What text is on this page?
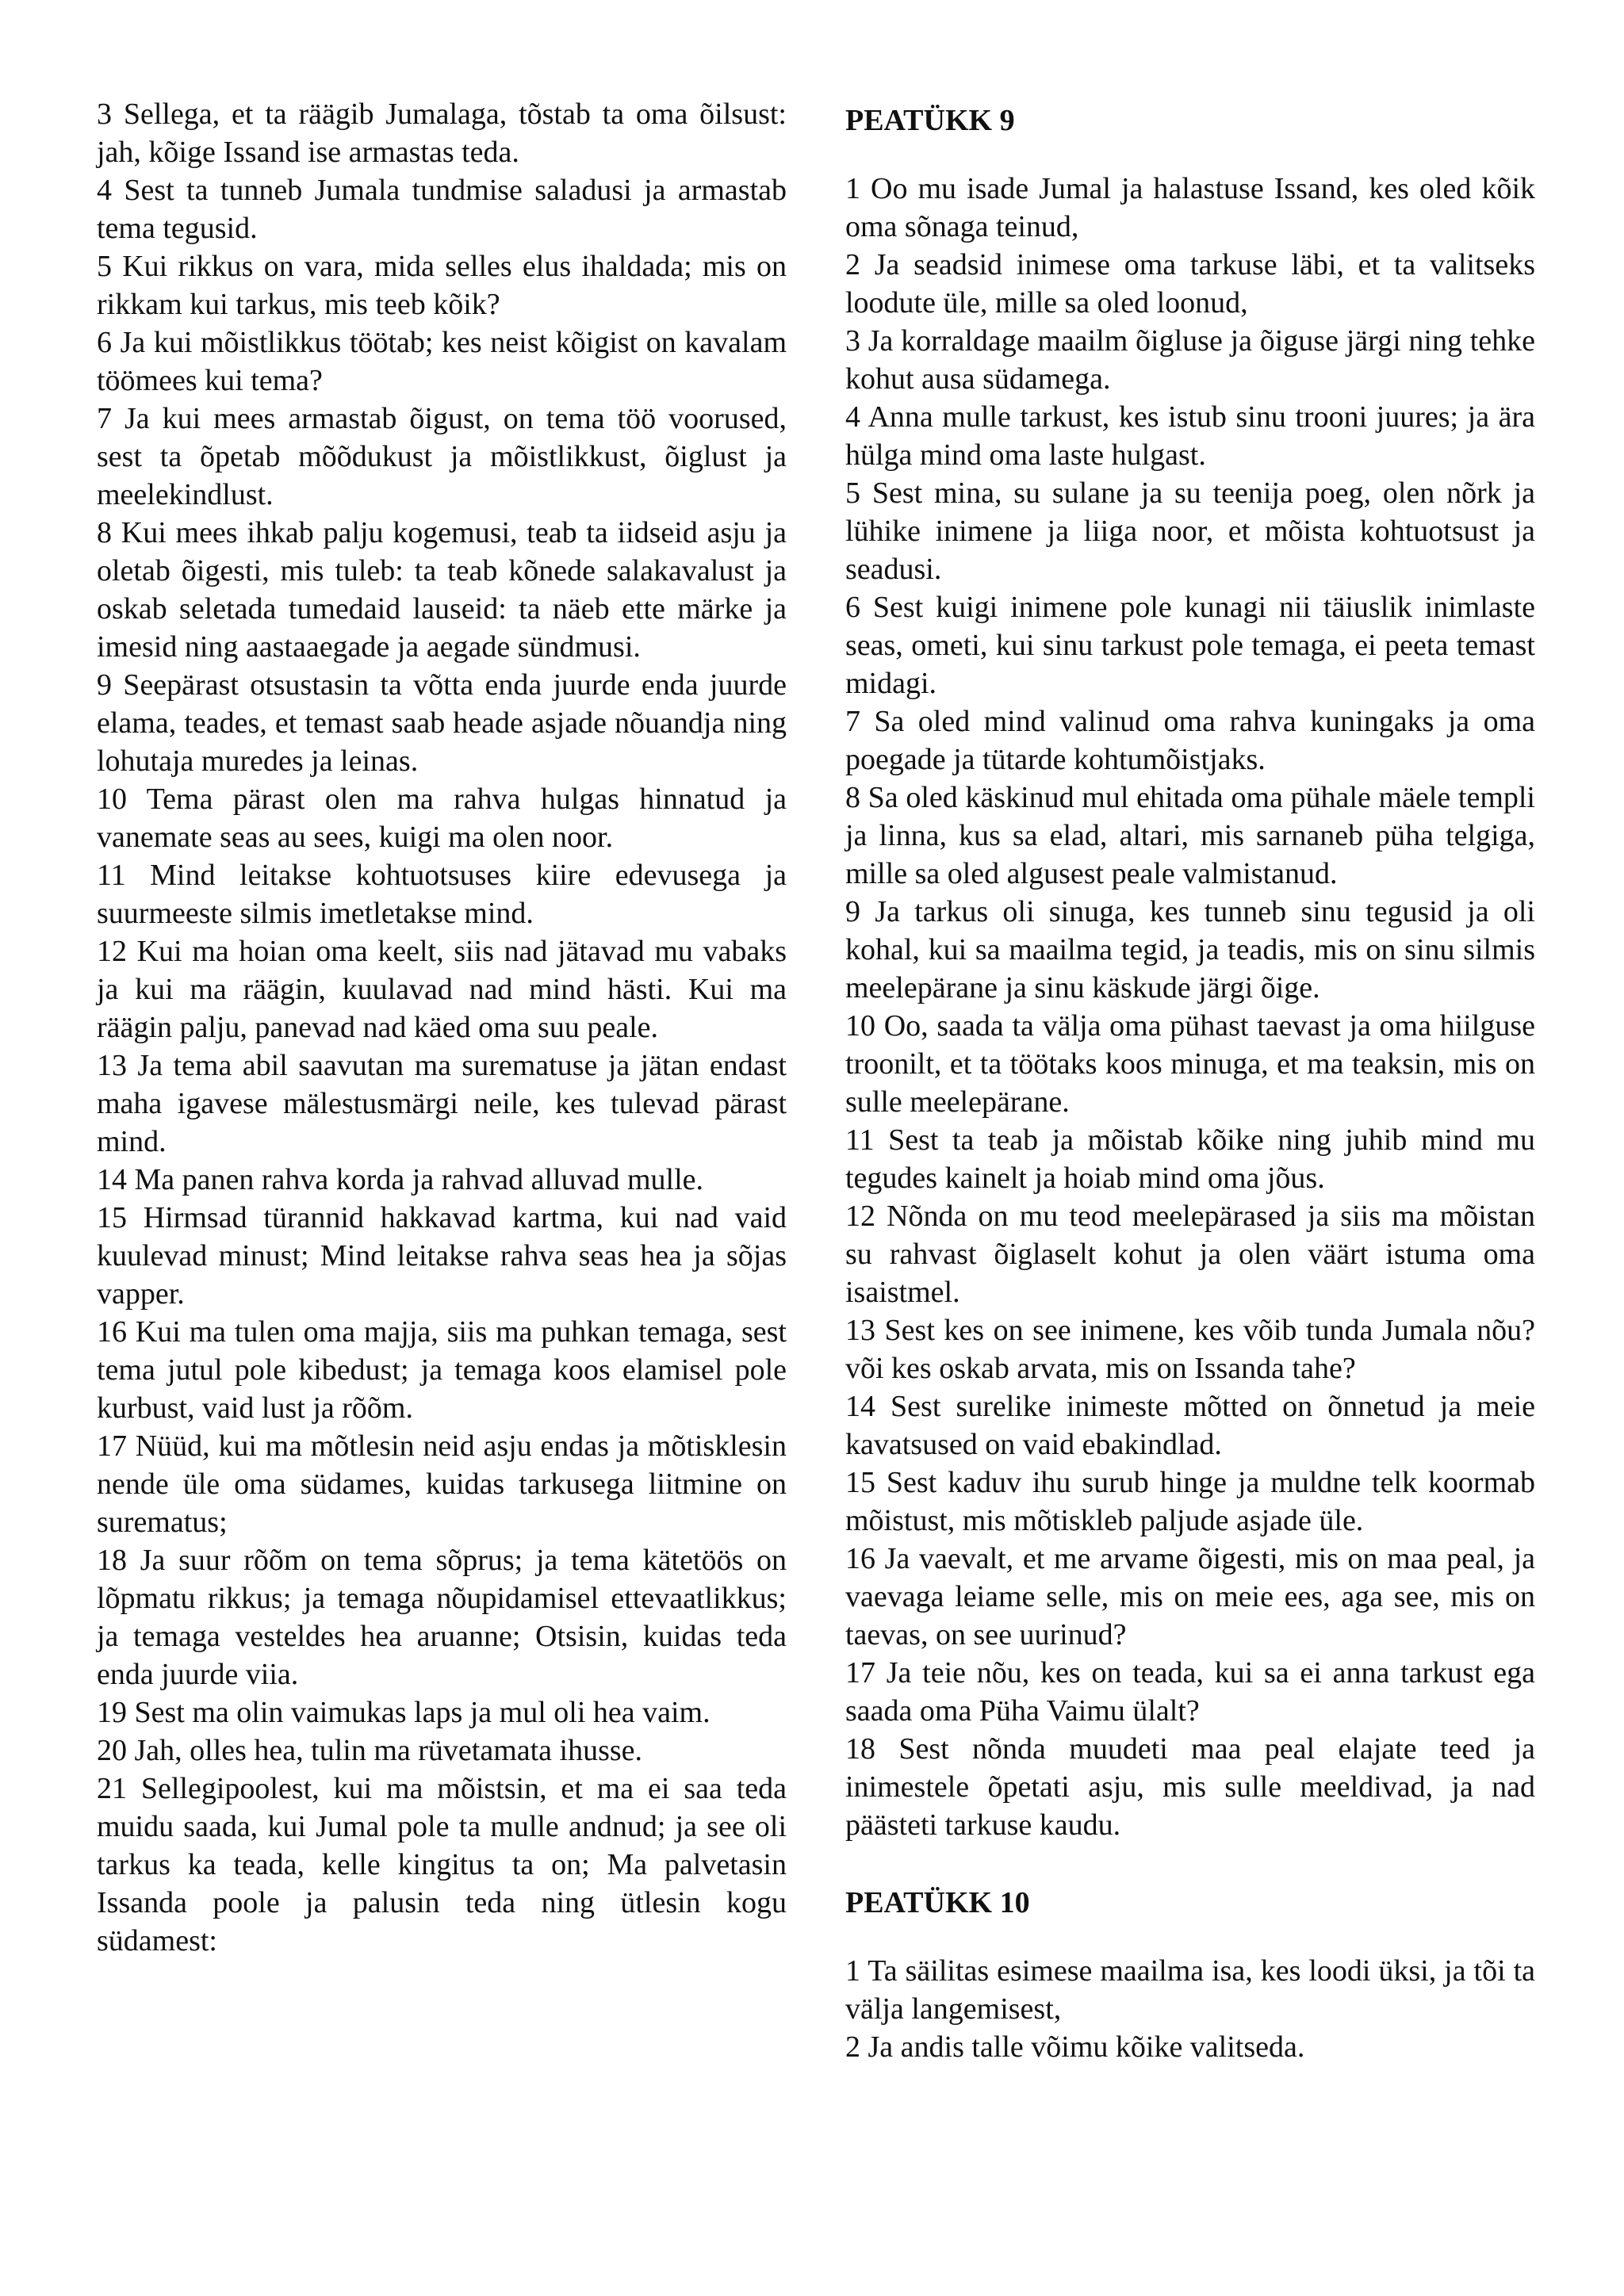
3 Sellega, et ta räägib Jumalaga, tõstab ta oma õilsust: jah, kõige Issand ise armastas teda.

4 Sest ta tunneb Jumala tundmise saladusi ja armastab tema tegusid.

5 Kui rikkus on vara, mida selles elus ihaldada; mis on rikkam kui tarkus, mis teeb kõik?

6 Ja kui mõistlikkus töötab; kes neist kõigist on kavalam töömees kui tema?

7 Ja kui mees armastab õigust, on tema töö voorused, sest ta õpetab mõõdukust ja mõistlikkust, õiglust ja meelekindlust.

8 Kui mees ihkab palju kogemusi, teab ta iidseid asju ja oletab õigesti, mis tuleb: ta teab kõnede salakavalust ja oskab seletada tumedaid lauseid: ta näeb ette märke ja imesid ning aastaaegade ja aegade sündmusi.

9 Seepärast otsustasin ta võtta enda juurde enda juurde elama, teades, et temast saab heade asjade nõuandja ning lohutaja muredes ja leinas.

10 Tema pärast olen ma rahva hulgas hinnatud ja vanemate seas au sees, kuigi ma olen noor.

11 Mind leitakse kohtuotsuses kiire edevusega ja suurmeeste silmis imetletakse mind.

12 Kui ma hoian oma keelt, siis nad jätavad mu vabaks ja kui ma räägin, kuulavad nad mind hästi. Kui ma räägin palju, panevad nad käed oma suu peale.

13 Ja tema abil saavutan ma surematuse ja jätan endast maha igavese mälestusmärgi neile, kes tulevad pärast mind.

14 Ma panen rahva korda ja rahvad alluvad mulle.

15 Hirmsad türannid hakkavad kartma, kui nad vaid kuulevad minust; Mind leitakse rahva seas hea ja sõjas vapper.

16 Kui ma tulen oma majja, siis ma puhkan temaga, sest tema jutul pole kibedust; ja temaga koos elamisel pole kurbust, vaid lust ja rõõm.

17 Nüüd, kui ma mõtlesin neid asju endas ja mõtisklesin nende üle oma südames, kuidas tarkusega liitmine on surematus;

18 Ja suur rõõm on tema sõprus; ja tema kätetöös on lõpmatu rikkus; ja temaga nõupidamisel ettevaatlikkus; ja temaga vesteldes hea aruanne; Otsisin, kuidas teda enda juurde viia.

19 Sest ma olin vaimukas laps ja mul oli hea vaim.

20 Jah, olles hea, tulin ma rüvetamata ihusse.

21 Sellegipoolest, kui ma mõistsin, et ma ei saa teda muidu saada, kui Jumal pole ta mulle andnud; ja see oli tarkus ka teada, kelle kingitus ta on; Ma palvetasin Issanda poole ja palusin teda ning ütlesin kogu südamest:

PEATÜKK 9

1 Oo mu isade Jumal ja halastuse Issand, kes oled kõik oma sõnaga teinud,

2 Ja seadsid inimese oma tarkuse läbi, et ta valitseks loodute üle, mille sa oled loonud,

3 Ja korraldage maailm õigluse ja õiguse järgi ning tehke kohut ausa südamega.

4 Anna mulle tarkust, kes istub sinu trooni juures; ja ära hülga mind oma laste hulgast.

5 Sest mina, su sulane ja su teenija poeg, olen nõrk ja lühike inimene ja liiga noor, et mõista kohtuotsust ja seadusi.

6 Sest kuigi inimene pole kunagi nii täiuslik inimlaste seas, ometi, kui sinu tarkust pole temaga, ei peeta temast midagi.

7 Sa oled mind valinud oma rahva kuningaks ja oma poegade ja tütarde kohtumõistjaks.

8 Sa oled käskinud mul ehitada oma pühale mäele templi ja linna, kus sa elad, altari, mis sarnaneb püha telgiga, mille sa oled algusest peale valmistanud.

9 Ja tarkus oli sinuga, kes tunneb sinu tegusid ja oli kohal, kui sa maailma tegid, ja teadis, mis on sinu silmis meelepärane ja sinu käskude järgi õige.

10 Oo, saada ta välja oma pühast taevast ja oma hiilguse troonilt, et ta töötaks koos minuga, et ma teaksin, mis on sulle meelepärane.

11 Sest ta teab ja mõistab kõike ning juhib mind mu tegudes kainelt ja hoiab mind oma jõus.

12 Nõnda on mu teod meelepärased ja siis ma mõistan su rahvast õiglaselt kohut ja olen väärt istuma oma isaistmel.

13 Sest kes on see inimene, kes võib tunda Jumala nõu? või kes oskab arvata, mis on Issanda tahe?

14 Sest surelike inimeste mõtted on õnnetud ja meie kavatsused on vaid ebakindlad.

15 Sest kaduv ihu surub hinge ja muldne telk koormab mõistust, mis mõtiskleb paljude asjade üle.

16 Ja vaevalt, et me arvame õigesti, mis on maa peal, ja vaevaga leiame selle, mis on meie ees, aga see, mis on taevas, on see uurinud?

17 Ja teie nõu, kes on teada, kui sa ei anna tarkust ega saada oma Püha Vaimu ülalt?

18 Sest nõnda muudeti maa peal elajate teed ja inimestele õpetati asju, mis sulle meeldivad, ja nad päästeti tarkuse kaudu.

PEATÜKK 10

1 Ta säilitas esimese maailma isa, kes loodi üksi, ja tõi ta välja langemisest,

2 Ja andis talle võimu kõike valitseda.
